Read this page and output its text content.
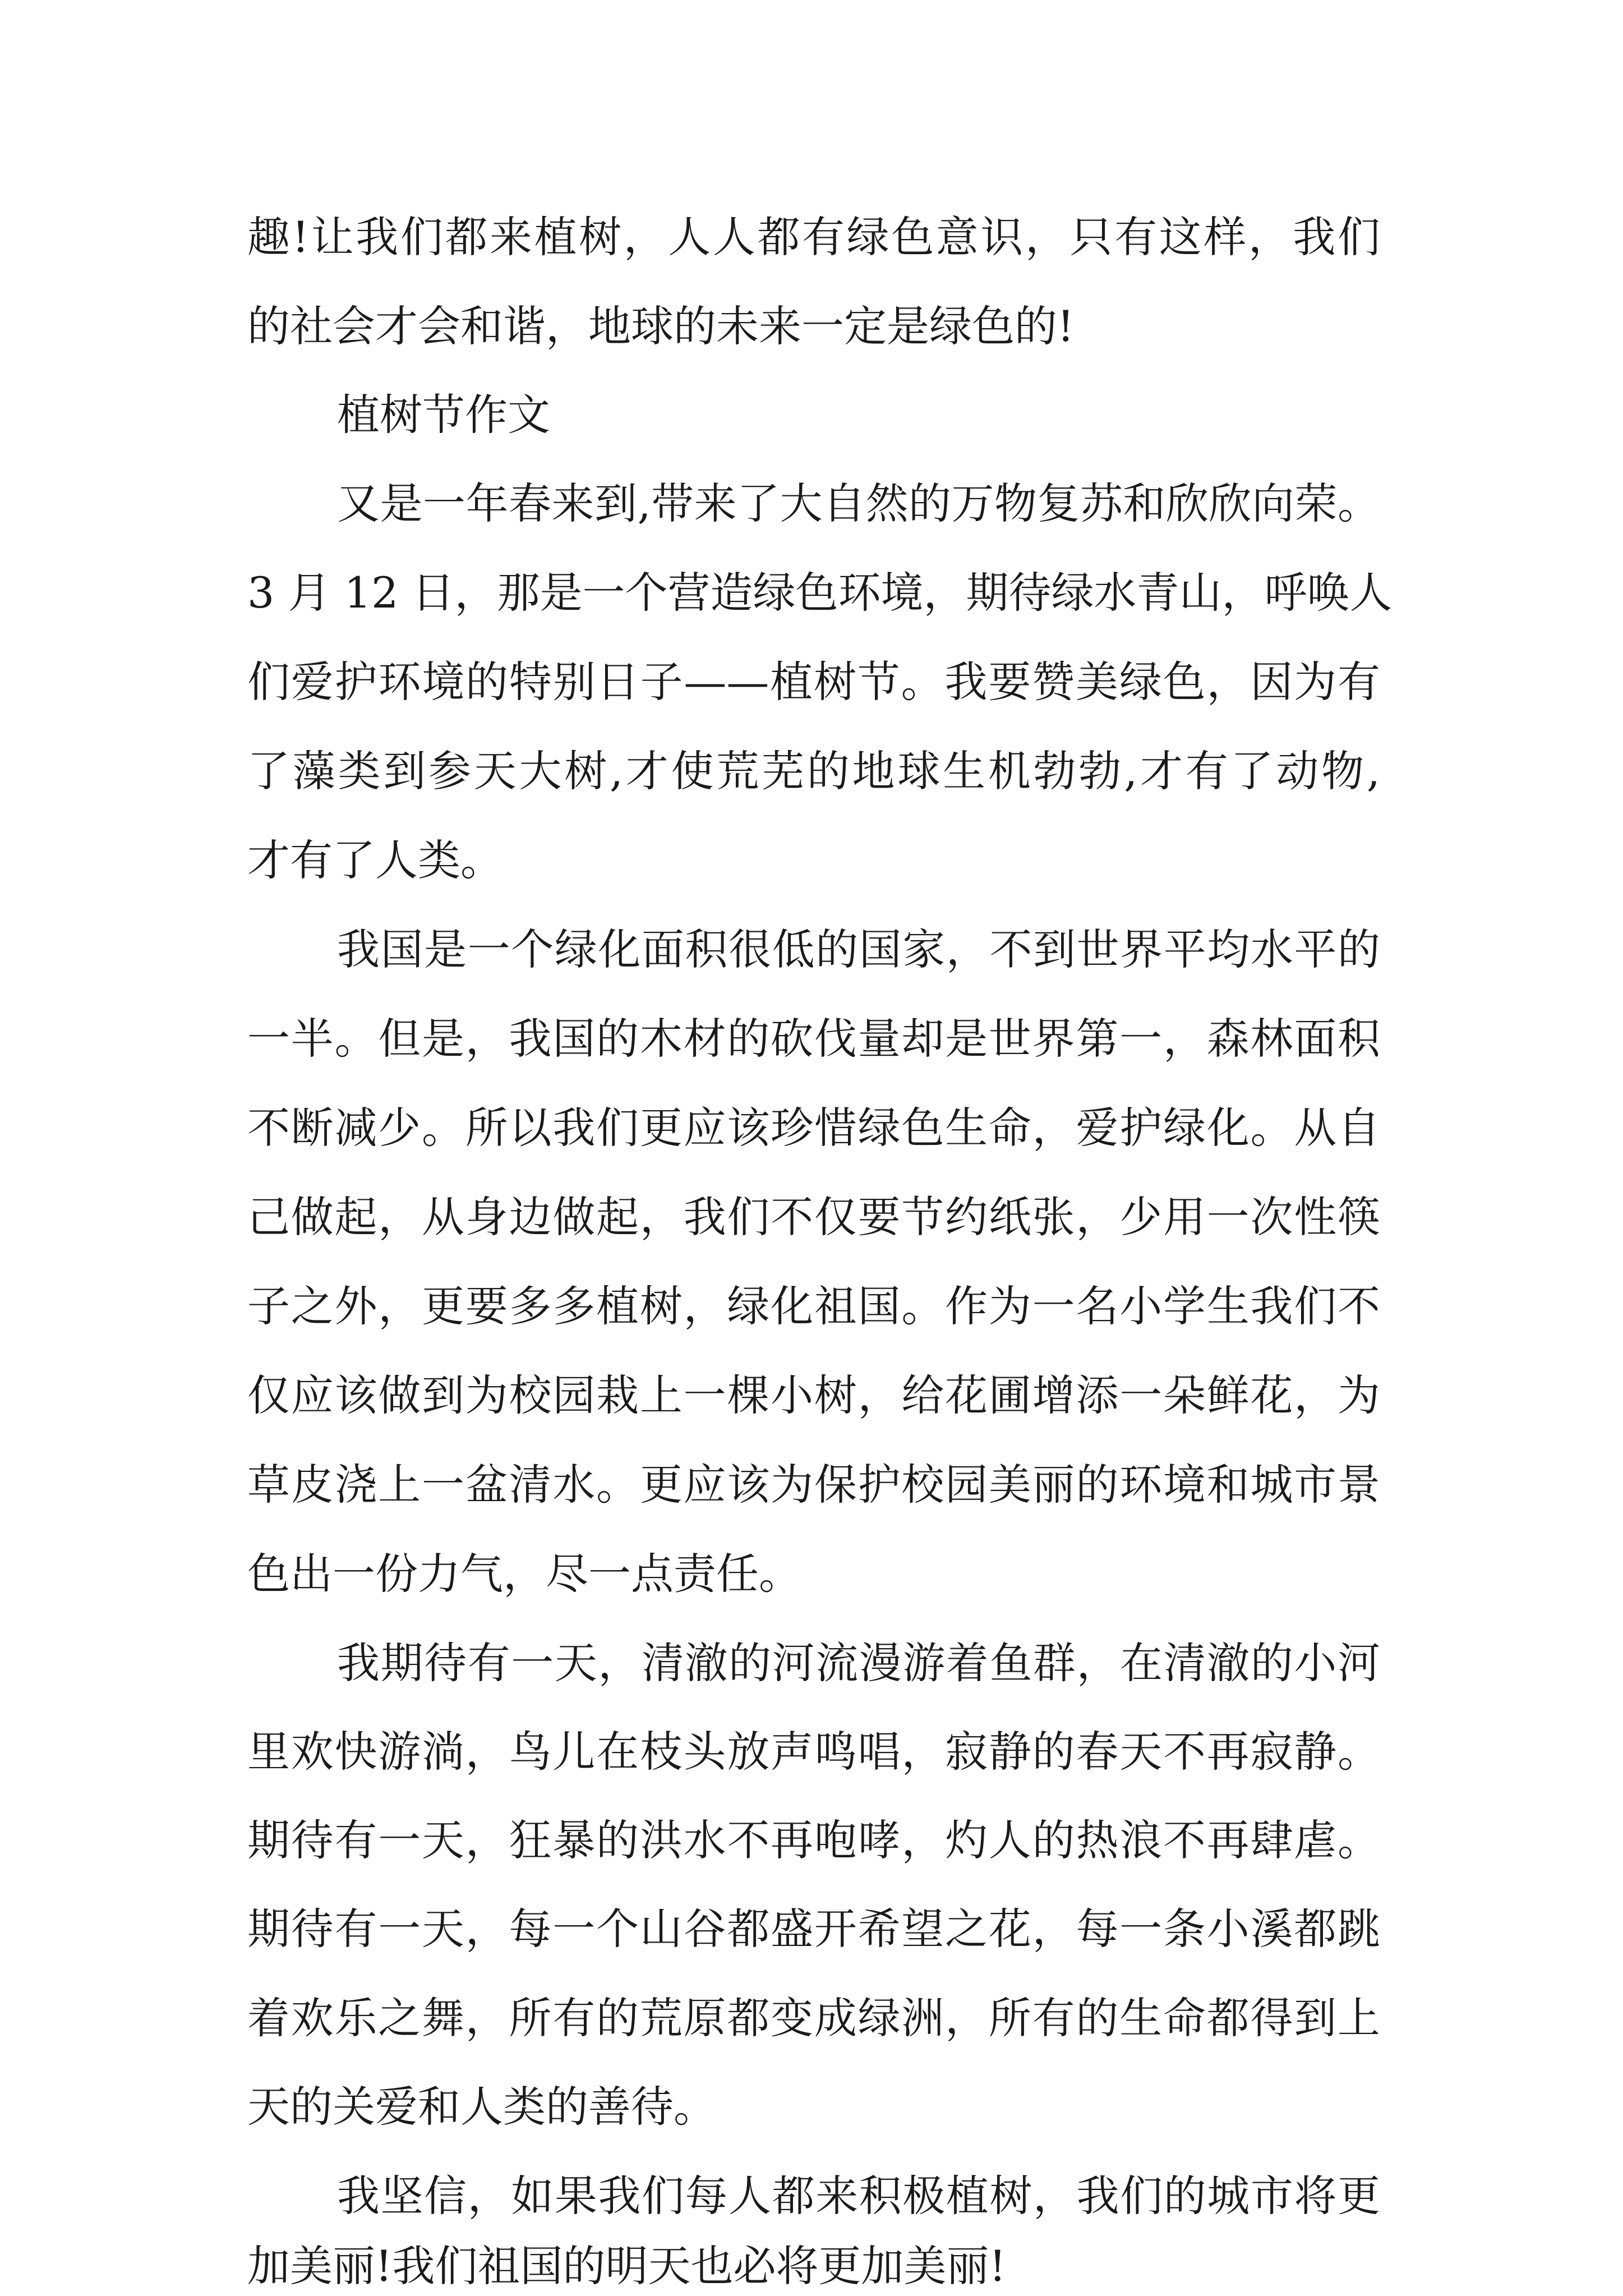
趣!让我们都来植树，人人都有绿色意识，只有这样，我们
的社会才会和谐，地球的未来一定是绿色的!
植树节作文
又是一年春来到,带来了大自然的万物复苏和欣欣向荣。
3 月 12 日，那是一个营造绿色环境，期待绿水青山，呼唤人
们爱护环境的特别日子——植树节。我要赞美绿色，因为有
了藻类到参天大树,才使荒芜的地球生机勃勃,才有了动物,
才有了人类。
我国是一个绿化面积很低的国家，不到世界平均水平的
一半。但是，我国的木材的砍伐量却是世界第一，森林面积
不断减少。所以我们更应该珍惜绿色生命，爱护绿化。从自
己做起，从身边做起，我们不仅要节约纸张，少用一次性筷
子之外，更要多多植树，绿化祖国。作为一名小学生我们不
仅应该做到为校园栽上一棵小树，给花圃增添一朵鲜花，为
草皮浇上一盆清水。更应该为保护校园美丽的环境和城市景
色出一份力气，尽一点责任。
我期待有一天，清澈的河流漫游着鱼群，在清澈的小河
里欢快游淌，鸟儿在枝头放声鸣唱，寂静的春天不再寂静。
期待有一天，狂暴的洪水不再咆哮，灼人的热浪不再肆虐。
期待有一天，每一个山谷都盛开希望之花，每一条小溪都跳
着欢乐之舞，所有的荒原都变成绿洲，所有的生命都得到上
天的关爱和人类的善待。
我坚信，如果我们每人都来积极植树，我们的城市将更
加美丽!我们祖国的明天也必将更加美丽!
